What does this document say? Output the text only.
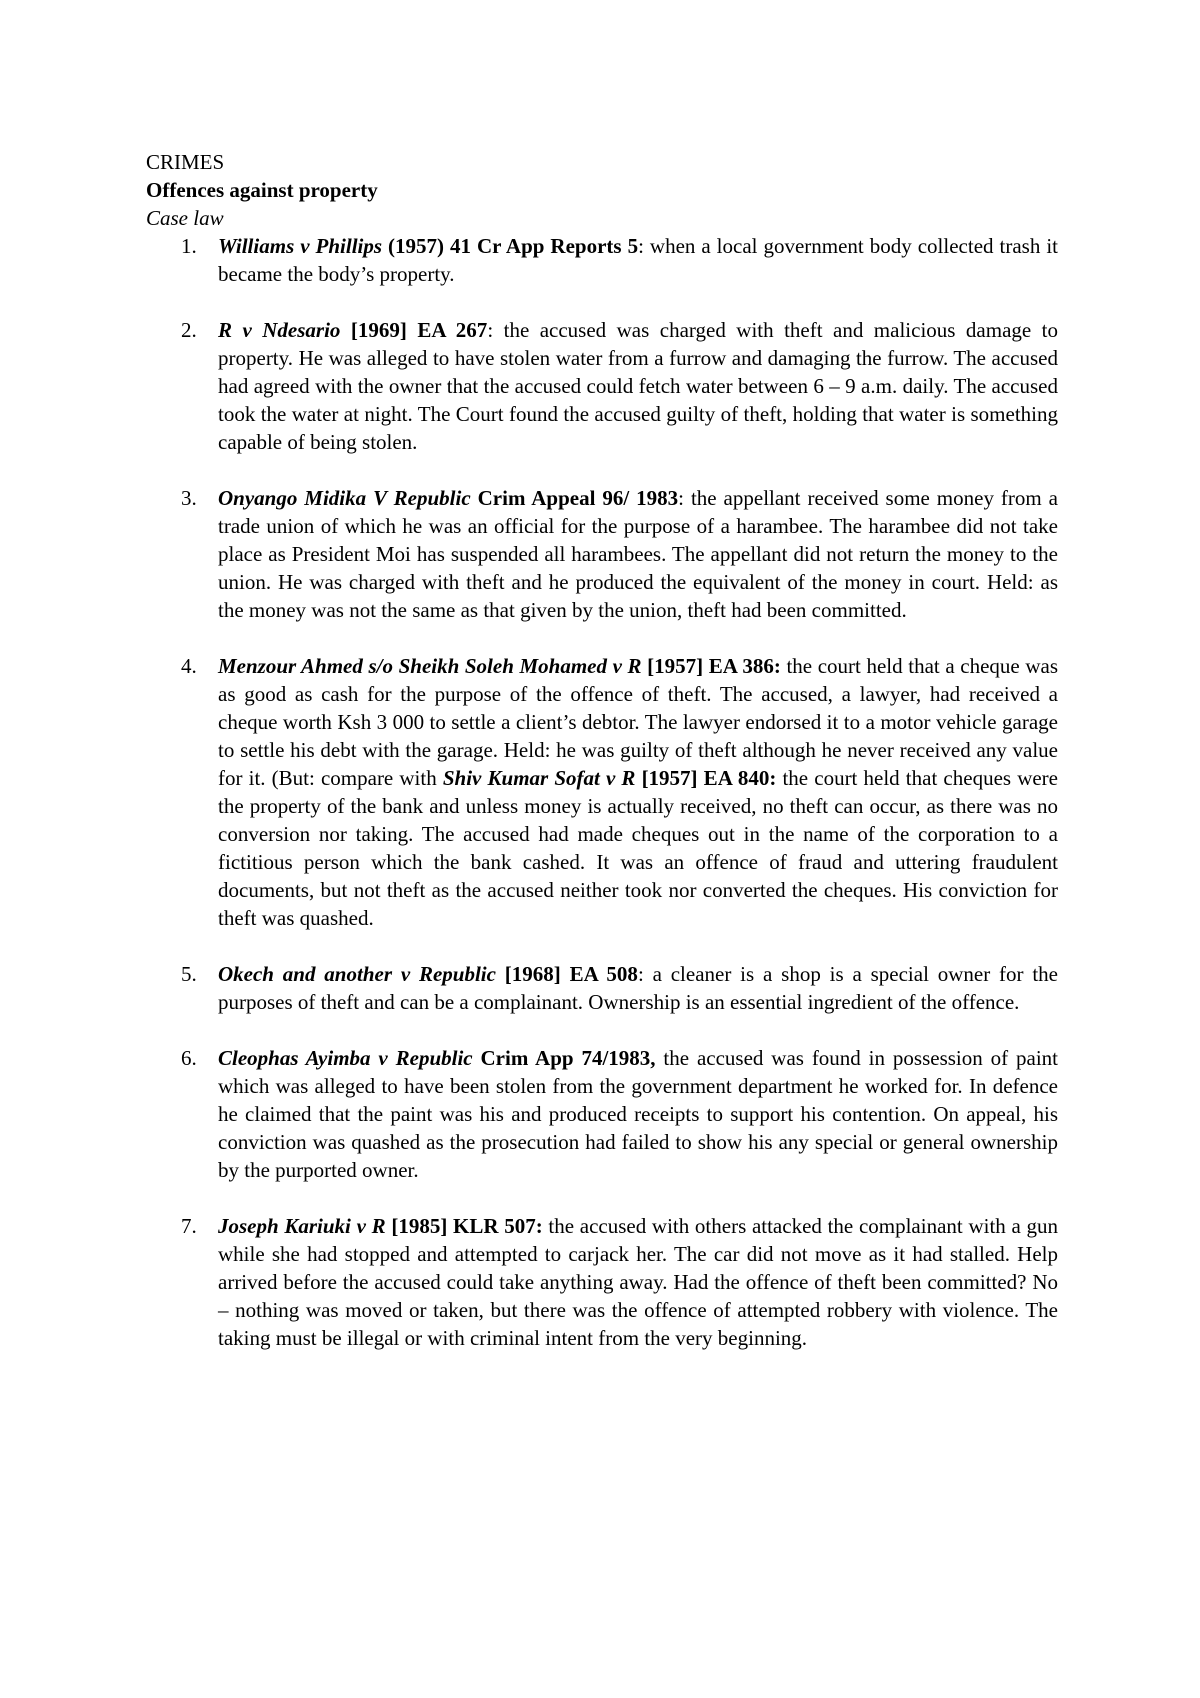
CRIMES
Offences against property
Case law
1. Williams v Phillips (1957) 41 Cr App Reports 5: when a local government body collected trash it became the body’s property.
2. R v Ndesario [1969] EA 267: the accused was charged with theft and malicious damage to property. He was alleged to have stolen water from a furrow and damaging the furrow. The accused had agreed with the owner that the accused could fetch water between 6 – 9 a.m. daily. The accused took the water at night. The Court found the accused guilty of theft, holding that water is something capable of being stolen.
3. Onyango Midika V Republic Crim Appeal 96/ 1983: the appellant received some money from a trade union of which he was an official for the purpose of a harambee. The harambee did not take place as President Moi has suspended all harambees. The appellant did not return the money to the union. He was charged with theft and he produced the equivalent of the money in court. Held: as the money was not the same as that given by the union, theft had been committed.
4. Menzour Ahmed s/o Sheikh Soleh Mohamed v R [1957] EA 386: the court held that a cheque was as good as cash for the purpose of the offence of theft. The accused, a lawyer, had received a cheque worth Ksh 3 000 to settle a client’s debtor. The lawyer endorsed it to a motor vehicle garage to settle his debt with the garage. Held: he was guilty of theft although he never received any value for it. (But: compare with Shiv Kumar Sofat v R [1957] EA 840: the court held that cheques were the property of the bank and unless money is actually received, no theft can occur, as there was no conversion nor taking. The accused had made cheques out in the name of the corporation to a fictitious person which the bank cashed. It was an offence of fraud and uttering fraudulent documents, but not theft as the accused neither took nor converted the cheques. His conviction for theft was quashed.
5. Okech and another v Republic [1968] EA 508: a cleaner is a shop is a special owner for the purposes of theft and can be a complainant. Ownership is an essential ingredient of the offence.
6. Cleophas Ayimba v Republic Crim App 74/1983, the accused was found in possession of paint which was alleged to have been stolen from the government department he worked for. In defence he claimed that the paint was his and produced receipts to support his contention. On appeal, his conviction was quashed as the prosecution had failed to show his any special or general ownership by the purported owner.
7. Joseph Kariuki v R [1985] KLR 507: the accused with others attacked the complainant with a gun while she had stopped and attempted to carjack her. The car did not move as it had stalled. Help arrived before the accused could take anything away. Had the offence of theft been committed? No – nothing was moved or taken, but there was the offence of attempted robbery with violence. The taking must be illegal or with criminal intent from the very beginning.
